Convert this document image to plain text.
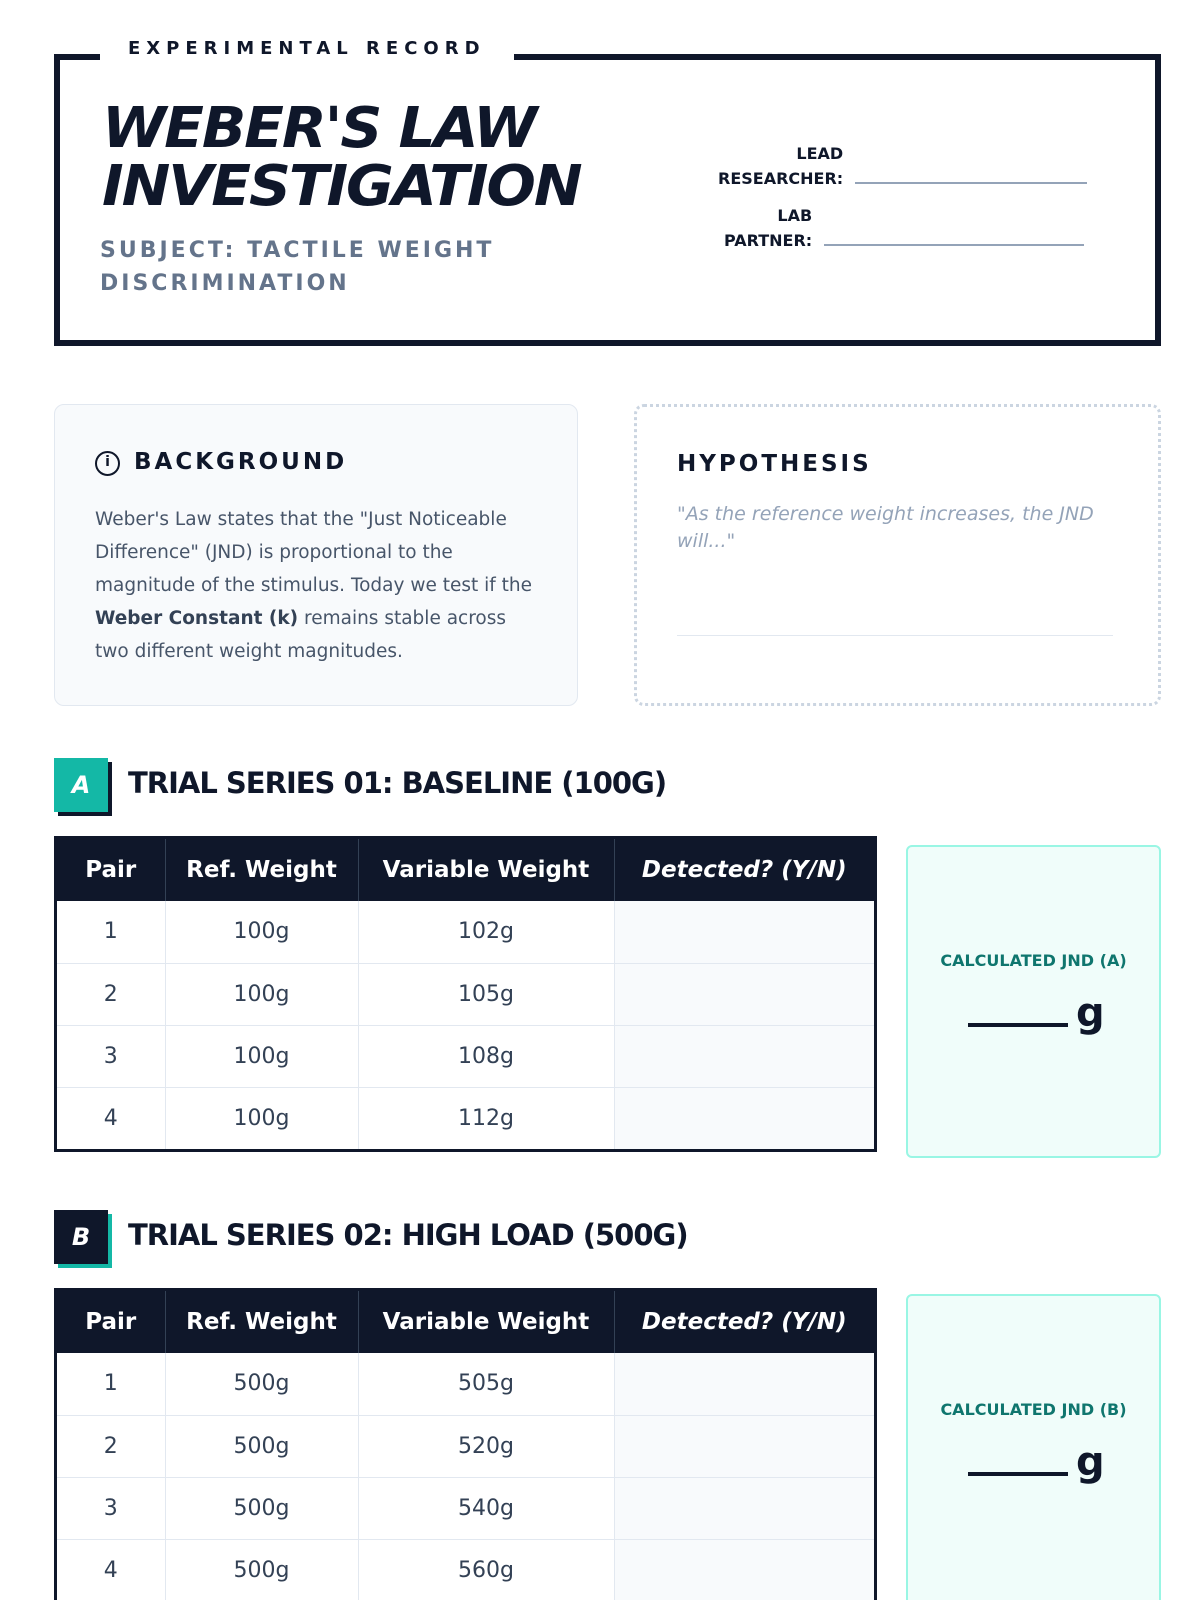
EXPERIMENTAL RECORD
WEBER'S LAW
INVESTIGATION
SUBJECT: TACTILE WEIGHT DISCRIMINATION
LEAD
RESEARCHER:
LAB
PARTNER:
i	BACKGROUND
Weber's Law states that the "Just Noticeable Difference" (JND) is proportional to the magnitude of the stimulus. Today we test if the Weber Constant (k) remains stable across two different weight magnitudes.
HYPOTHESIS
"As the reference weight increases, the JND will..."
A	TRIAL SERIES 01: BASELINE (100G)
Pair	Ref. Weight	Variable Weight	Detected? (Y/N)
1	100g	102g	
2	100g	105g	
3	100g	108g	
4	100g	112g	
CALCULATED JND (A)
g
B	TRIAL SERIES 02: HIGH LOAD (500G)
Pair	Ref. Weight	Variable Weight	Detected? (Y/N)
1	500g	505g	
2	500g	520g	
3	500g	540g	
4	500g	560g	
CALCULATED JND (B)
g
